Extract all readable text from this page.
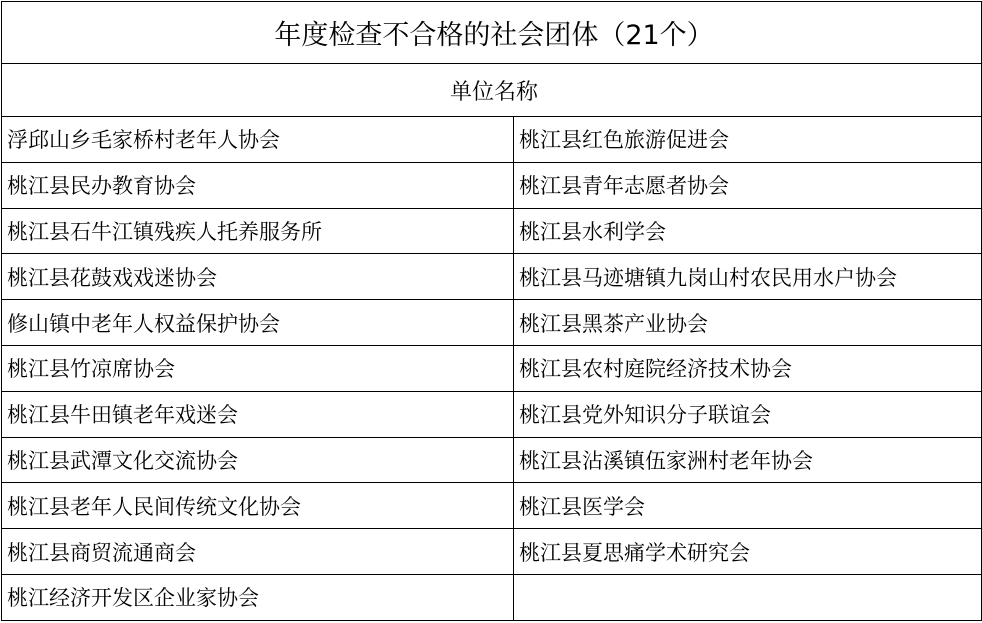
年度检查不合格的社会团体（21个）	
单位名称	
浮邱山乡毛家桥村老年人协会	桃江县红色旅游促进会
桃江县民办教育协会	桃江县青年志愿者协会
桃江县石牛江镇残疾人托养服务所	桃江县水利学会
桃江县花鼓戏戏迷协会	桃江县马迹塘镇九岗山村农民用水户协会
修山镇中老年人权益保护协会	桃江县黑茶产业协会
桃江县竹凉席协会	桃江县农村庭院经济技术协会
桃江县牛田镇老年戏迷会	桃江县党外知识分子联谊会
桃江县武潭文化交流协会	桃江县沾溪镇伍家洲村老年协会
桃江县老年人民间传统文化协会	桃江县医学会
桃江县商贸流通商会	桃江县夏思痛学术研究会
桃江经济开发区企业家协会	
